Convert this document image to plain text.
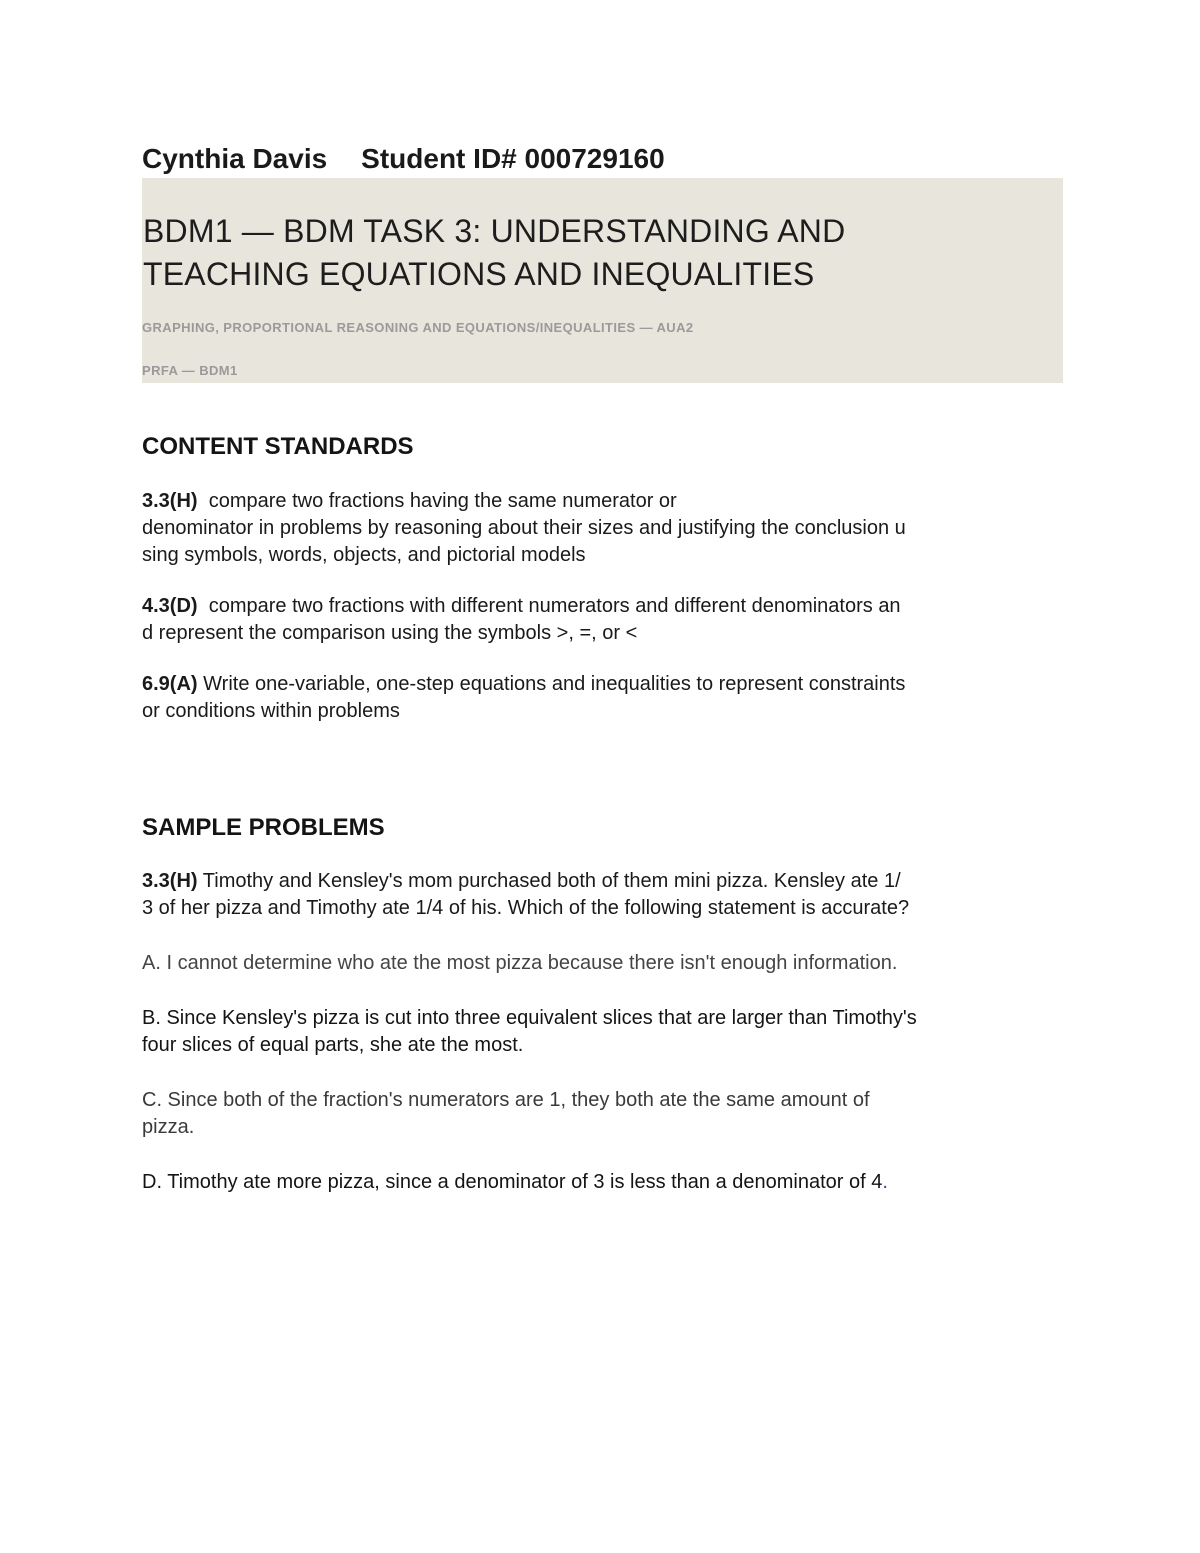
Cynthia Davis Student ID# 000729160

BDM1 — BDM TASK 3: UNDERSTANDING AND
TEACHING EQUATIONS AND INEQUALITIES

GRAPHING, PROPORTIONAL REASONING AND EQUATIONS/INEQUALITIES — AUA2

PRFA — BDM1

CONTENT STANDARDS

3.3(H) compare two fractions having the same numerator or
denominator in problems by reasoning about their sizes and justifying the conclusion u
sing symbols, words, objects, and pictorial models

4.3(D) compare two fractions with different numerators and different denominators an
d represent the comparison using the symbols >, =, or <

6.9(A) Write one-variable, one-step equations and inequalities to represent constraints
or conditions within problems

SAMPLE PROBLEMS

3.3(H) Timothy and Kensley's mom purchased both of them mini pizza. Kensley ate 1/
3 of her pizza and Timothy ate 1/4 of his. Which of the following statement is accurate?

A. I cannot determine who ate the most pizza because there isn't enough information.

B. Since Kensley's pizza is cut into three equivalent slices that are larger than Timothy's
four slices of equal parts, she ate the most.

C. Since both of the fraction's numerators are 1, they both ate the same amount of
pizza.

D. Timothy ate more pizza, since a denominator of 3 is less than a denominator of 4.
